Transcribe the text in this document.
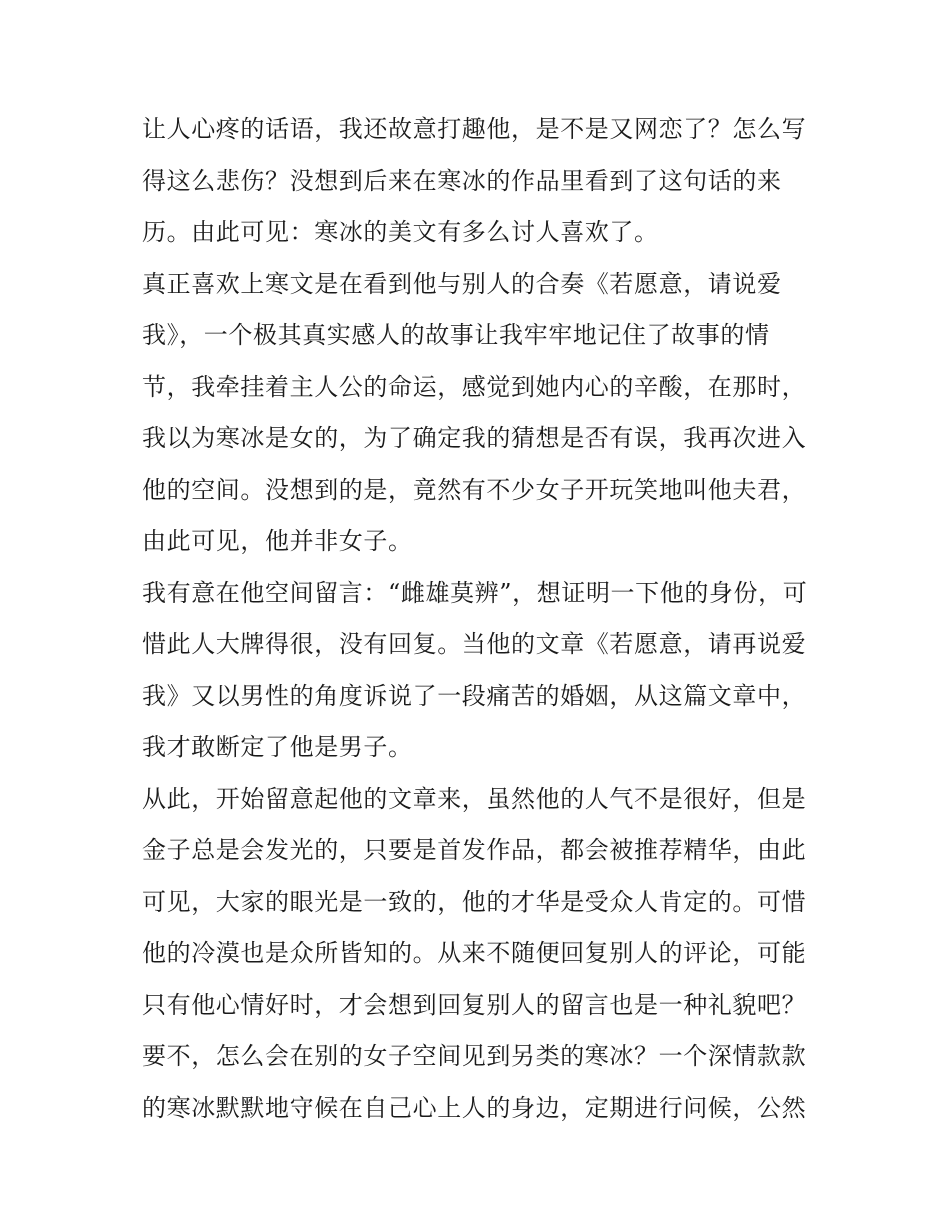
让人心疼的话语，我还故意打趣他，是不是又网恋了？怎么写
得这么悲伤？没想到后来在寒冰的作品里看到了这句话的来
历。由此可见：寒冰的美文有多么讨人喜欢了。
真正喜欢上寒文是在看到他与别人的合奏《若愿意，请说爱
我》，一个极其真实感人的故事让我牢牢地记住了故事的情
节，我牵挂着主人公的命运，感觉到她内心的辛酸，在那时，
我以为寒冰是女的，为了确定我的猜想是否有误，我再次进入
他的空间。没想到的是，竟然有不少女子开玩笑地叫他夫君，
由此可见，他并非女子。
我有意在他空间留言：“雌雄莫辨”，想证明一下他的身份，可
惜此人大牌得很，没有回复。当他的文章《若愿意，请再说爱
我》又以男性的角度诉说了一段痛苦的婚姻，从这篇文章中，
我才敢断定了他是男子。
从此，开始留意起他的文章来，虽然他的人气不是很好，但是
金子总是会发光的，只要是首发作品，都会被推荐精华，由此
可见，大家的眼光是一致的，他的才华是受众人肯定的。可惜
他的冷漠也是众所皆知的。从来不随便回复别人的评论，可能
只有他心情好时，才会想到回复别人的留言也是一种礼貌吧？
要不，怎么会在别的女子空间见到另类的寒冰？一个深情款款
的寒冰默默地守候在自己心上人的身边，定期进行问候，公然
